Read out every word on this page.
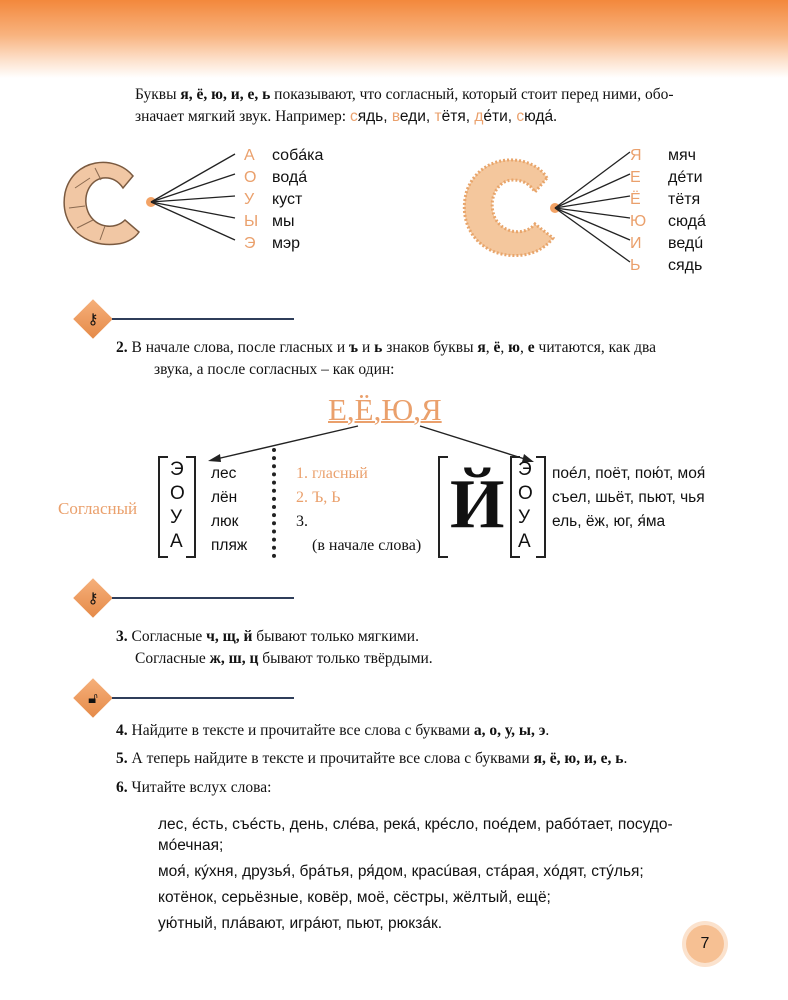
Буквы я, ё, ю, и, е, ь показывают, что согласный, который стоит перед ними, обо-
значает мягкий звук. Например: сядь, веди, тётя, де́ти, сюда́.
А
О
У
Ы
Э
собáка
водá
куст
мы
мэр
Я
Е
Ё
Ю
И
Ь
мяч
дéти
тётя
сюдá
ведú
сядь
⚷
2. В начале слова, после гласных и ъ и ь знаков буквы я, ё, ю, е читаются, как два
звука, а после согласных – как один:
Е,Ё,Ю,Я
Согласный
Э
О
У
А
лес
лён
люк
пляж
1. гласный
2. Ъ, Ь
3.
(в начале слова)
Й Э
О
У
А
поéл, поёт, пою́т, моя́
съел, шьёт, пьют, чья
ель, ёж, юг, я́ма
⚷
3. Согласные ч, щ, й бывают только мягкими.
Согласные ж, ш, ц бывают только твёрдыми.
🔓︎
4. Найдите в тексте и прочитайте все слова с буквами а, о, у, ы, э.
5. А теперь найдите в тексте и прочитайте все слова с буквами я, ё, ю, и, е, ь.
6. Читайте вслух слова:
лес, éсть, съéсть, день, слéва, рекá, крéсло, поéдем, рабóтает, посудо-
мóечная;
моя́, кýхня, друзья́, брáтья, ря́дом, красúвая, стáрая, хóдят, стýлья;
котёнок, серьёзные, ковёр, моё, сёстры, жёлтый, ещё;
ую́тный, плáвают, игрáют, пьют, рюкзáк.
7
